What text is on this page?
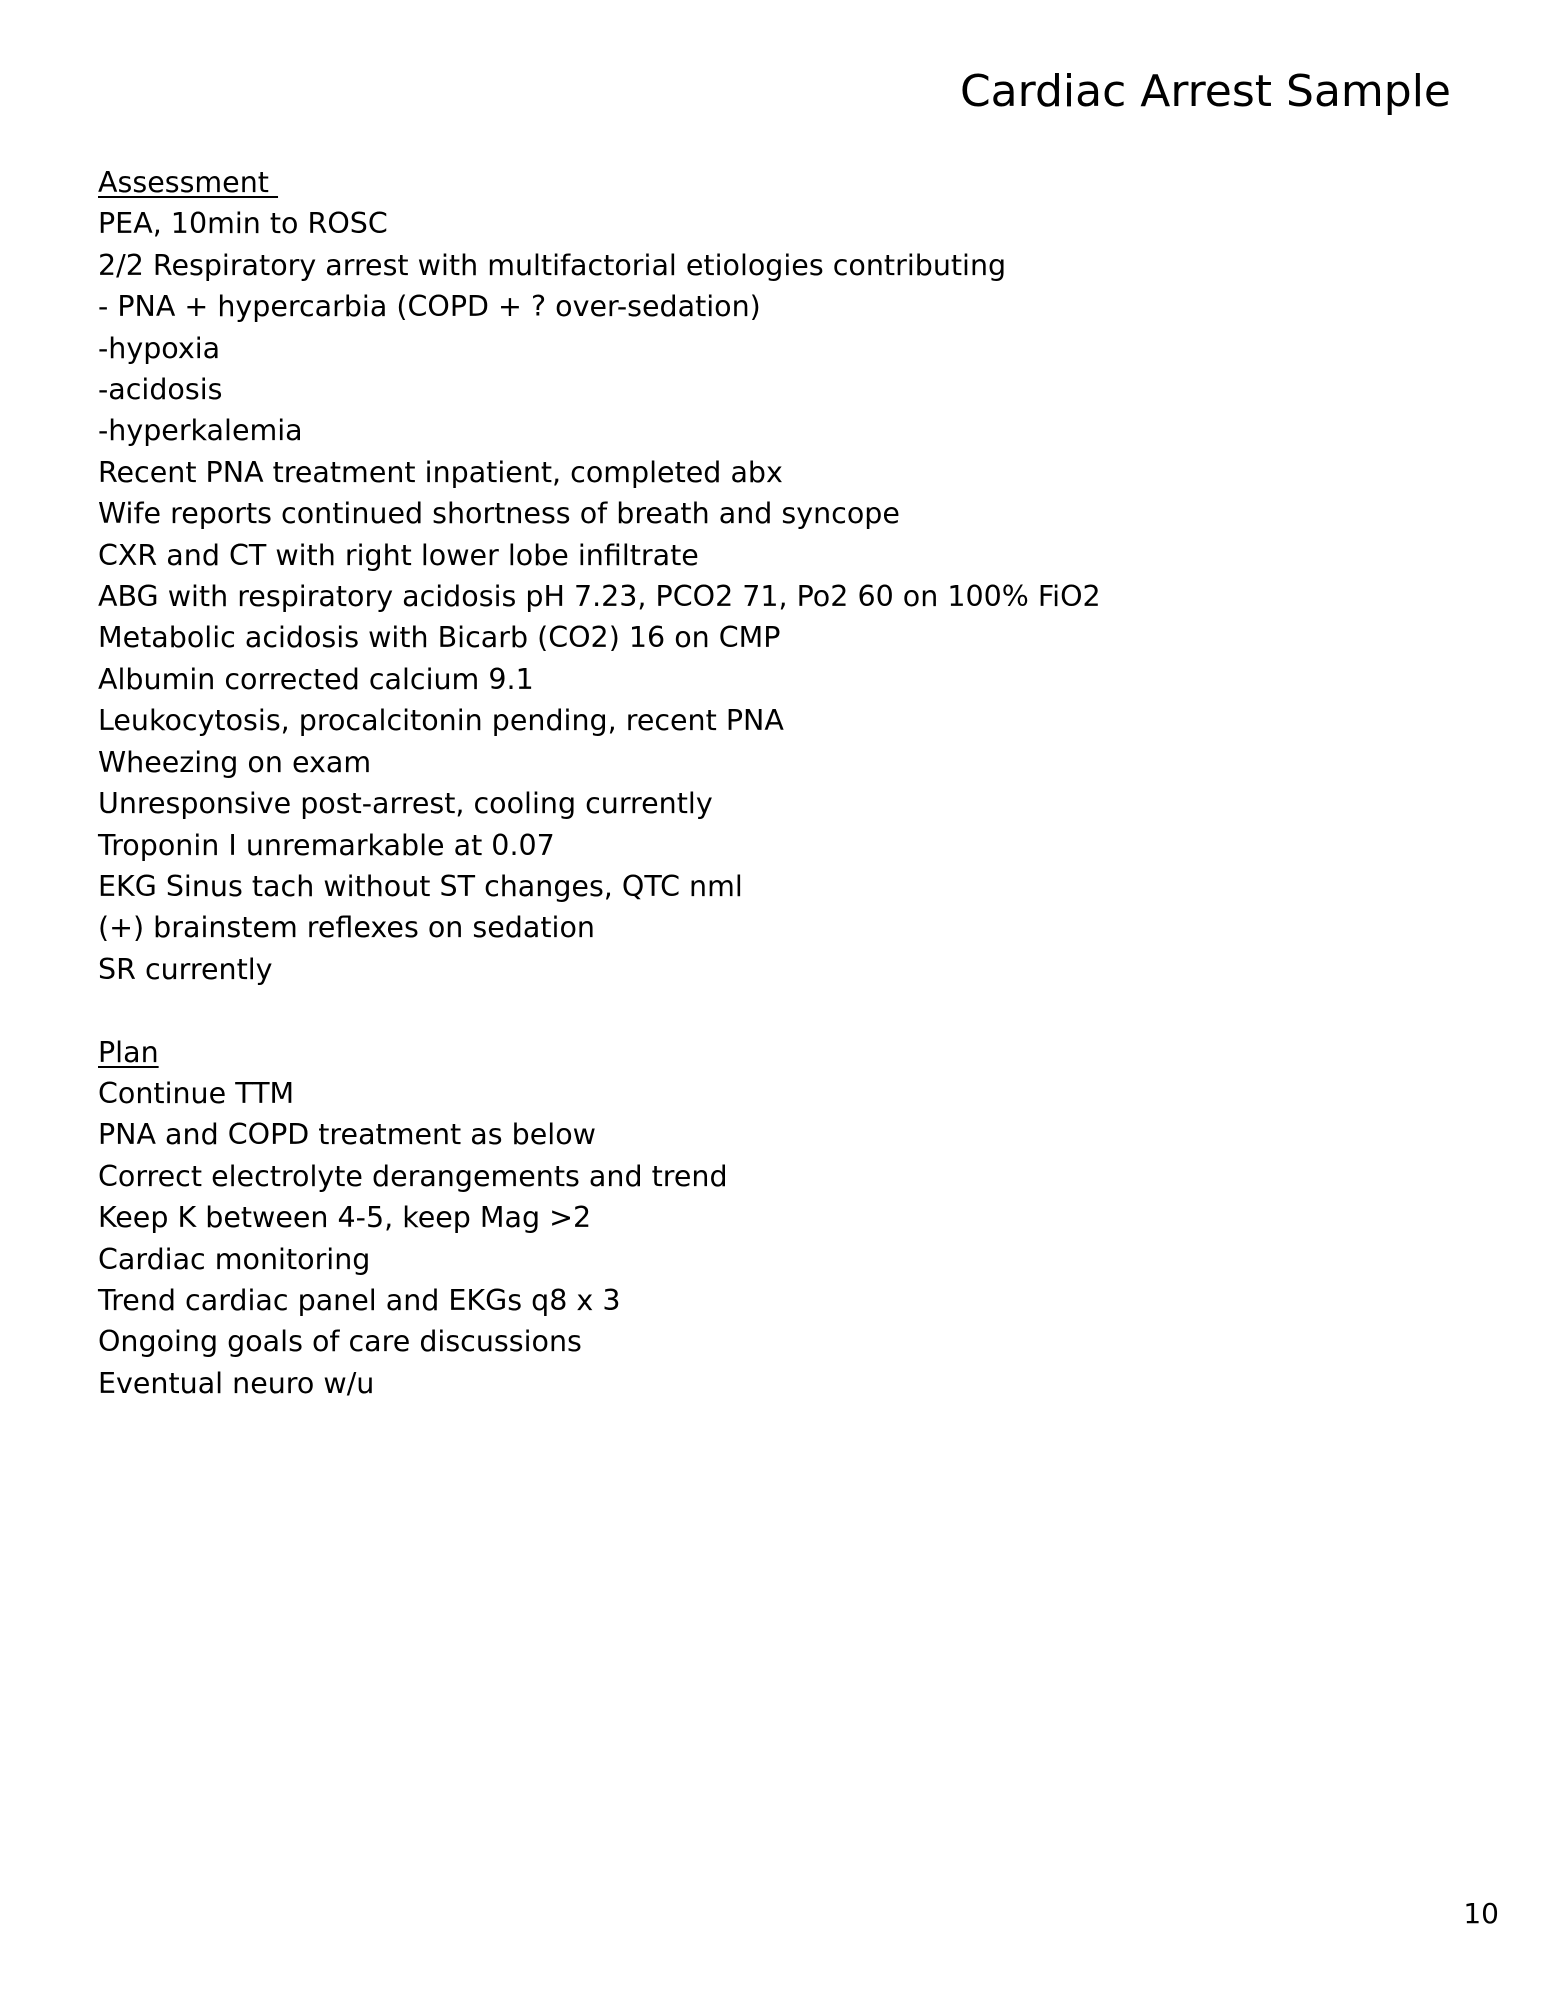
Cardiac Arrest Sample
Assessment
PEA, 10min to ROSC
2/2 Respiratory arrest with multifactorial etiologies contributing
- PNA + hypercarbia (COPD + ? over-sedation)
-hypoxia
-acidosis
-hyperkalemia
Recent PNA treatment inpatient, completed abx
Wife reports continued shortness of breath and syncope
CXR and CT with right lower lobe infiltrate
ABG with respiratory acidosis pH 7.23, PCO2 71, Po2 60 on 100% FiO2
Metabolic acidosis with Bicarb (CO2) 16 on CMP
Albumin corrected calcium 9.1
Leukocytosis, procalcitonin pending, recent PNA
Wheezing on exam
Unresponsive post-arrest, cooling currently
Troponin I unremarkable at 0.07
EKG Sinus tach without ST changes, QTC nml
(+) brainstem reflexes on sedation
SR currently
Plan
Continue TTM
PNA and COPD treatment as below
Correct electrolyte derangements and trend
Keep K between 4-5, keep Mag >2
Cardiac monitoring
Trend cardiac panel and EKGs q8 x 3
Ongoing goals of care discussions
Eventual neuro w/u
10
